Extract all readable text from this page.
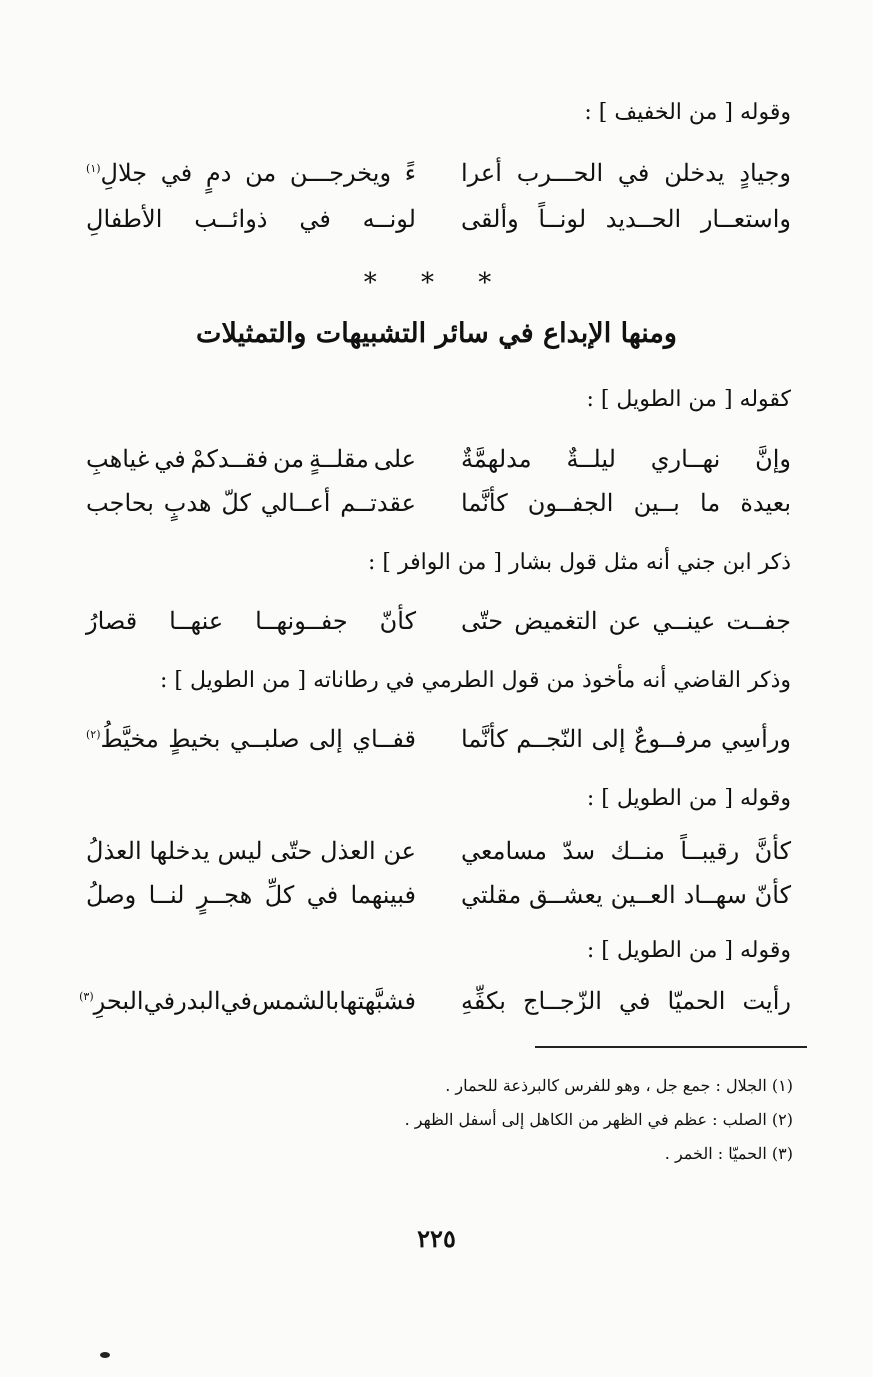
وقوله [ من الخفيف ] :
وجيادٍ
يدخلن
في
الحـــرب
أعرا
ءً
ويخرجـــن
من
دمٍ
في
جلالِ(١)
واستعــار
الحــديد
لونــاً
وألقى
لونــه
في
ذوائــب
الأطفالِ
* * *
ومنها الإبداع في سائر التشبيهات والتمثيلات
كقوله [ من الطويل ] :
وإنَّ
نهــاري
ليلــةٌ
مدلهمَّةٌ
على
مقلــةٍ
من
فقــدكمْ
في
غياهبِ
بعيدة
ما
بــين
الجفــون
كأنَّما
عقدتــم
أعــالي
كلّ
هدبٍ
بحاجب
ذكر ابن جني أنه مثل قول بشار [ من الوافر ] :
جفــت
عينــي
عن
التغميض
حتّى
كأنّ
جفــونهــا
عنهــا
قصارُ
وذكر القاضي أنه مأخوذ من قول الطرمي في رطاناته [ من الطويل ] :
ورأسِي
مرفــوعٌ
إلى
النّجــم
كأنَّما
قفــاي
إلى
صلبــي
بخيطٍ
مخيَّطُ(٢)
وقوله [ من الطويل ] :
كأنَّ
رقيبــاً
منــك
سدّ
مسامعي
عن
العذل
حتّى
ليس
يدخلها
العذلُ
كأنّ
سهــاد
العــين
يعشــق
مقلتي
فبينهما
في
كلِّ
هجــرٍ
لنــا
وصلُ
وقوله [ من الطويل ] :
رأيت
الحميّا
في
الزّجــاج
بكفِّهِ
فشبَّهتها
بالشمس
في
البدر
في
البحرِ(٣)
(١) الجلال : جمع جل ، وهو للفرس كالبرذعة للحمار .
(٢) الصلب : عظم في الظهر من الكاهل إلى أسفل الظهر .
(٣) الحميّا : الخمر .
٢٢٥
